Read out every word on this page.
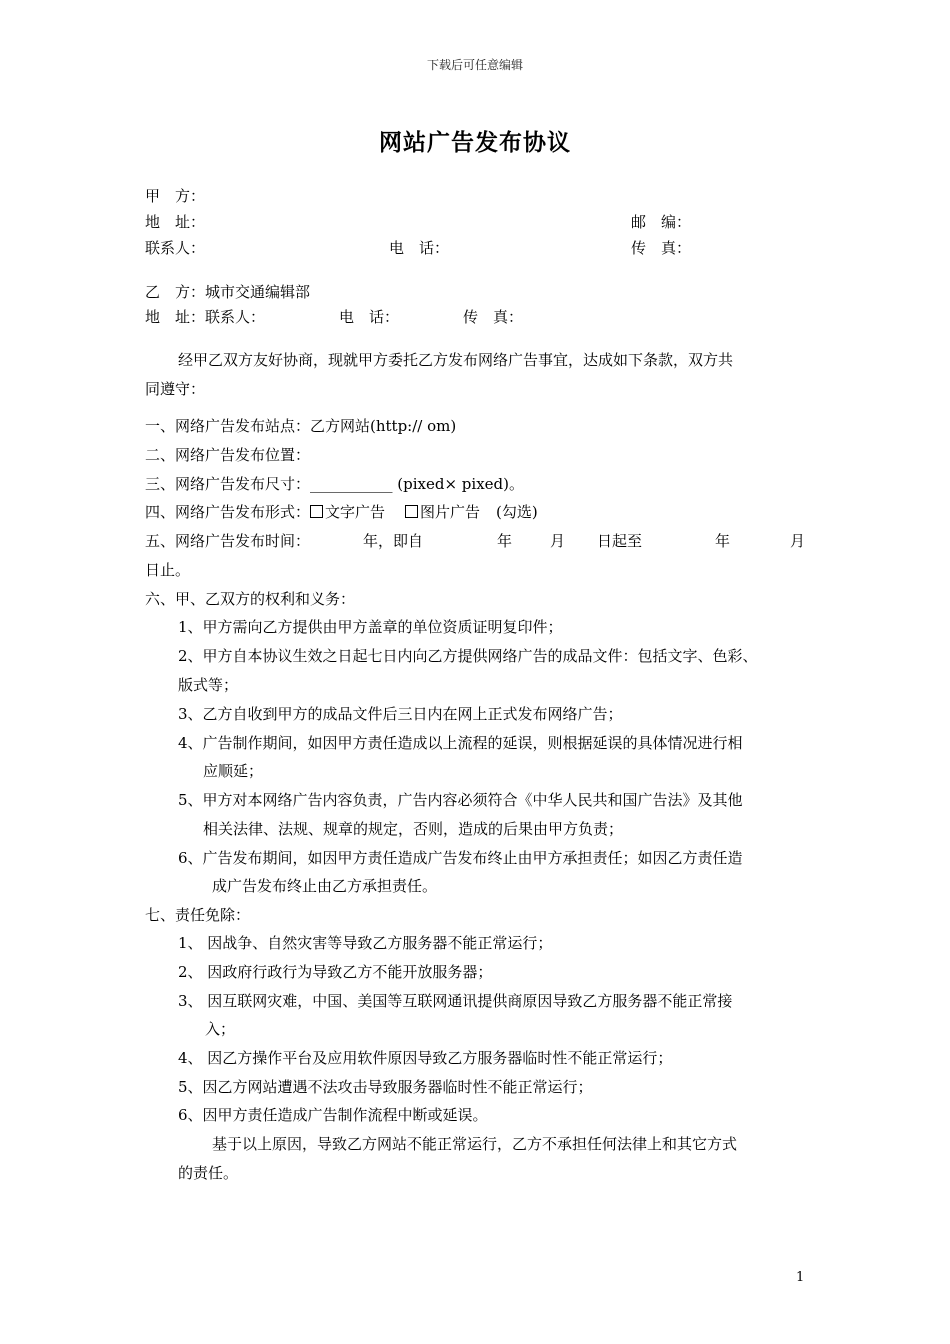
下载后可任意编辑
网站广告发布协议
甲　方：
地　址：	邮　编：
联系人：	电　话：	传　真：
乙　方：城市交通编辑部
地　址：联系人：	电　话：	传　真：
经甲乙双方友好协商，现就甲方委托乙方发布网络广告事宜，达成如下条款，双方共
同遵守：
一、网络广告发布站点：乙方网站(http:// om)
二、网络广告发布位置：
三、网络广告发布尺寸：___________ (pixed× pixed)。
四、网络广告发布形式： 文字广告 图片广告 (勾选)
五、网络广告发布时间：	年，即自	年	月 日起至	年	月
日止。
六、甲、乙双方的权利和义务：
1、甲方需向乙方提供由甲方盖章的单位资质证明复印件；
2、甲方自本协议生效之日起七日内向乙方提供网络广告的成品文件：包括文字、色彩、
版式等；
3、乙方自收到甲方的成品文件后三日内在网上正式发布网络广告；
4、广告制作期间，如因甲方责任造成以上流程的延误，则根据延误的具体情况进行相
应顺延；
5、甲方对本网络广告内容负责，广告内容必须符合《中华人民共和国广告法》及其他
相关法律、法规、规章的规定，否则，造成的后果由甲方负责；
6、广告发布期间，如因甲方责任造成广告发布终止由甲方承担责任；如因乙方责任造
成广告发布终止由乙方承担责任。
七、责任免除：
1、 因战争、自然灾害等导致乙方服务器不能正常运行；
2、 因政府行政行为导致乙方不能开放服务器；
3、 因互联网灾难，中国、美国等互联网通讯提供商原因导致乙方服务器不能正常接
入；
4、 因乙方操作平台及应用软件原因导致乙方服务器临时性不能正常运行；
5、因乙方网站遭遇不法攻击导致服务器临时性不能正常运行；
6、因甲方责任造成广告制作流程中断或延误。
基于以上原因，导致乙方网站不能正常运行，乙方不承担任何法律上和其它方式
的责任。
1
